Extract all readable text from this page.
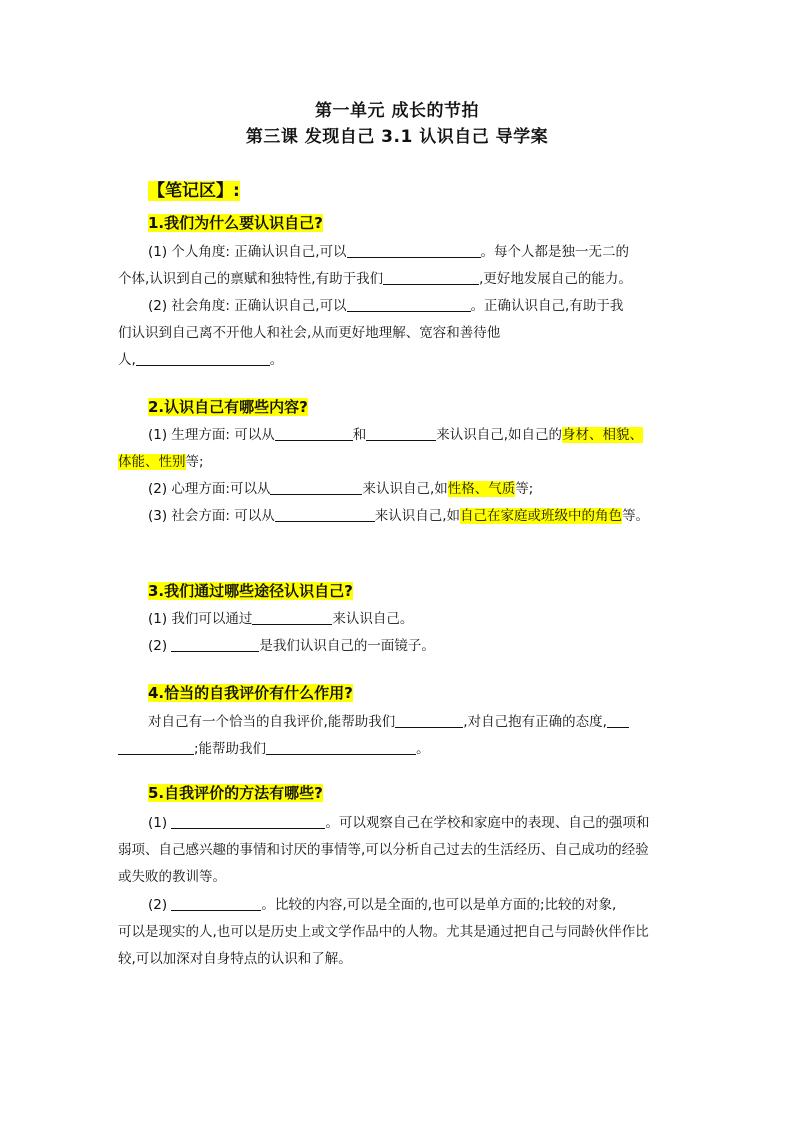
第一单元 成长的节拍
第三课 发现自己 3.1 认识自己 导学案
【笔记区】:
1.我们为什么要认识自己?
(1) 个人角度: 正确认识自己,可以	。每个人都是独一无二的
个体,认识到自己的禀赋和独特性,有助于我们	,更好地发展自己的能力。
(2) 社会角度: 正确认识自己,可以	。正确认识自己,有助于我
们认识到自己离不开他人和社会,从而更好地理解、宽容和善待他
人,	。
2.认识自己有哪些内容?
(1) 生理方面: 可以从	和	来认识自己,如自己的身材、相貌、
体能、性别等;
(2) 心理方面:可以从	来认识自己,如性格、气质等;
(3) 社会方面: 可以从	来认识自己,如自己在家庭或班级中的角色等。
3.我们通过哪些途径认识自己?
(1) 我们可以通过	来认识自己。
(2)	是我们认识自己的一面镜子。
4.恰当的自我评价有什么作用?
对自己有一个恰当的自我评价,能帮助我们	,对自己抱有正确的态度,
;能帮助我们	。
5.自我评价的方法有哪些?
(1)	。可以观察自己在学校和家庭中的表现、自己的强项和
弱项、自己感兴趣的事情和讨厌的事情等,可以分析自己过去的生活经历、自己成功的经验
或失败的教训等。
(2)	。比较的内容,可以是全面的,也可以是单方面的;比较的对象,
可以是现实的人,也可以是历史上或文学作品中的人物。尤其是通过把自己与同龄伙伴作比
较,可以加深对自身特点的认识和了解。
